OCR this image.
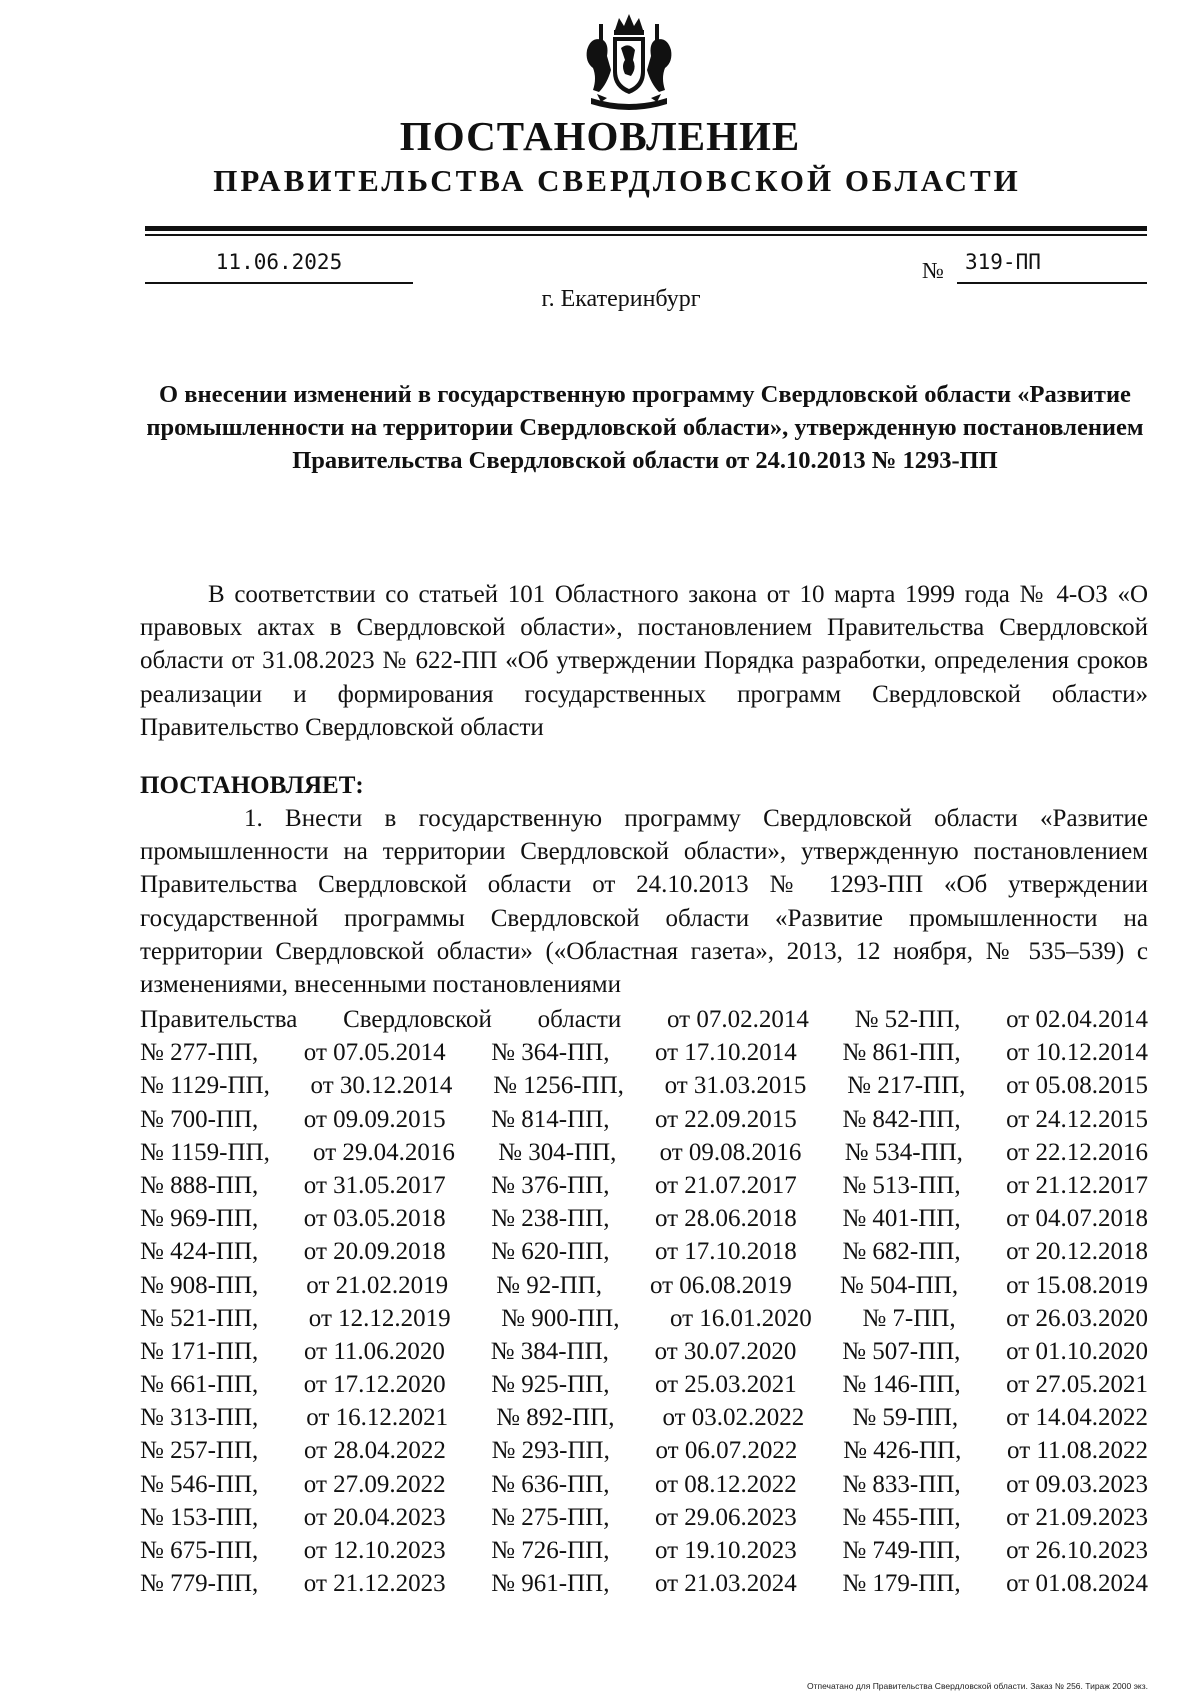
ПОСТАНОВЛЕНИЕ
ПРАВИТЕЛЬСТВА СВЕРДЛОВСКОЙ ОБЛАСТИ
11.06.2025	№	319-ПП
г. Екатеринбург
О внесении изменений в государственную программу Свердловской области «Развитие промышленности на территории Свердловской области», утвержденную постановлением Правительства Свердловской области от 24.10.2013 № 1293-ПП
В соответствии со статьей 101 Областного закона от 10 марта 1999 года № 4-ОЗ «О правовых актах в Свердловской области», постановлением Правительства Свердловской области от 31.08.2023 № 622-ПП «Об утверждении Порядка разработки, определения сроков реализации и формирования государственных программ Свердловской области» Правительство Свердловской области
ПОСТАНОВЛЯЕТ:
1. Внести в государственную программу Свердловской области «Развитие промышленности на территории Свердловской области», утвержденную постановлением Правительства Свердловской области от 24.10.2013 № 1293-ПП «Об утверждении государственной программы Свердловской области «Развитие промышленности на территории Свердловской области» («Областная газета», 2013, 12 ноября, № 535–539) с изменениями, внесенными постановлениями
Правительства Свердловской области от 07.02.2014 № 52-ПП, от 02.04.2014
№ 277-ПП, от 07.05.2014 № 364-ПП, от 17.10.2014 № 861-ПП, от 10.12.2014
№ 1129-ПП, от 30.12.2014 № 1256-ПП, от 31.03.2015 № 217-ПП, от 05.08.2015
№ 700-ПП, от 09.09.2015 № 814-ПП, от 22.09.2015 № 842-ПП, от 24.12.2015
№ 1159-ПП, от 29.04.2016 № 304-ПП, от 09.08.2016 № 534-ПП, от 22.12.2016
№ 888-ПП, от 31.05.2017 № 376-ПП, от 21.07.2017 № 513-ПП, от 21.12.2017
№ 969-ПП, от 03.05.2018 № 238-ПП, от 28.06.2018 № 401-ПП, от 04.07.2018
№ 424-ПП, от 20.09.2018 № 620-ПП, от 17.10.2018 № 682-ПП, от 20.12.2018
№ 908-ПП, от 21.02.2019 № 92-ПП, от 06.08.2019 № 504-ПП, от 15.08.2019
№ 521-ПП, от 12.12.2019 № 900-ПП, от 16.01.2020 № 7-ПП, от 26.03.2020
№ 171-ПП, от 11.06.2020 № 384-ПП, от 30.07.2020 № 507-ПП, от 01.10.2020
№ 661-ПП, от 17.12.2020 № 925-ПП, от 25.03.2021 № 146-ПП, от 27.05.2021
№ 313-ПП, от 16.12.2021 № 892-ПП, от 03.02.2022 № 59-ПП, от 14.04.2022
№ 257-ПП, от 28.04.2022 № 293-ПП, от 06.07.2022 № 426-ПП, от 11.08.2022
№ 546-ПП, от 27.09.2022 № 636-ПП, от 08.12.2022 № 833-ПП, от 09.03.2023
№ 153-ПП, от 20.04.2023 № 275-ПП, от 29.06.2023 № 455-ПП, от 21.09.2023
№ 675-ПП, от 12.10.2023 № 726-ПП, от 19.10.2023 № 749-ПП, от 26.10.2023
№ 779-ПП, от 21.12.2023 № 961-ПП, от 21.03.2024 № 179-ПП, от 01.08.2024
Отпечатано для Правительства Свердловской области. Заказ № 256. Тираж 2000 экз.
